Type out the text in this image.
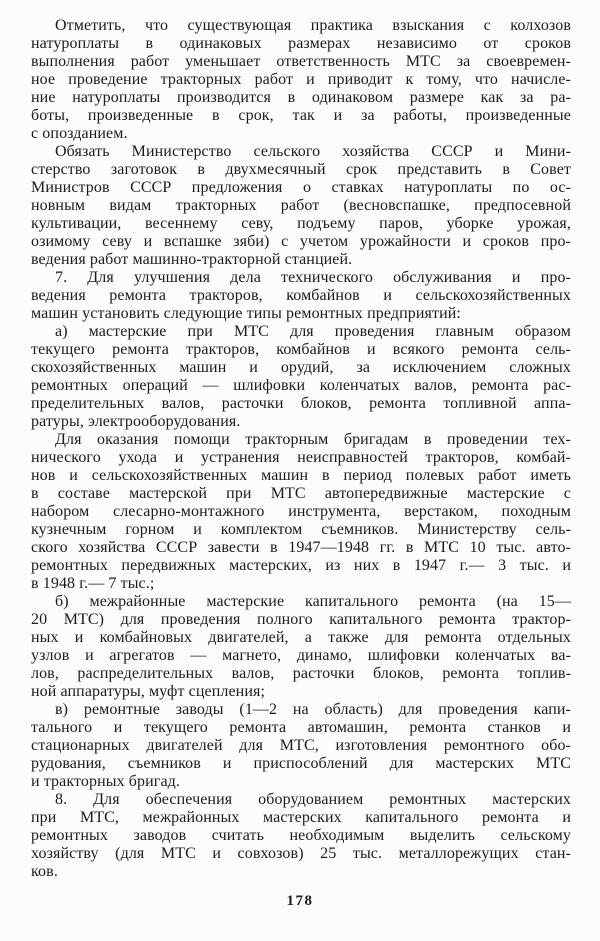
Отметить, что существующая практика взыскания с колхозов
натуроплаты в одинаковых размерах независимо от сроков
выполнения работ уменьшает ответственность МТС за своевремен-
ное проведение тракторных работ и приводит к тому, что начисле-
ние натуроплаты производится в одинаковом размере как за ра-
боты, произведенные в срок, так и за работы, произведенные
с опозданием.
Обязать Министерство сельского хозяйства СССР и Мини-
стерство заготовок в двухмесячный срок представить в Совет
Министров СССР предложения о ставках натуроплаты по ос-
новным видам тракторных работ (весновспашке, предпосевной
культивации, весеннему севу, подъему паров, уборке урожая,
озимому севу и вспашке зяби) с учетом урожайности и сроков про-
ведения работ машинно-тракторной станцией.
7. Для улучшения дела технического обслуживания и про-
ведения ремонта тракторов, комбайнов и сельскохозяйственных
машин установить следующие типы ремонтных предприятий:
а) мастерские при МТС для проведения главным образом
текущего ремонта тракторов, комбайнов и всякого ремонта сель-
скохозяйственных машин и орудий, за исключением сложных
ремонтных операций — шлифовки коленчатых валов, ремонта рас-
пределительных валов, расточки блоков, ремонта топливной аппа-
ратуры, электрооборудования.
Для оказания помощи тракторным бригадам в проведении тех-
нического ухода и устранения неисправностей тракторов, комбай-
нов и сельскохозяйственных машин в период полевых работ иметь
в составе мастерской при МТС автопередвижные мастерские с
набором слесарно-монтажного инструмента, верстаком, походным
кузнечным горном и комплектом съемников. Министерству сель-
ского хозяйства СССР завести в 1947—1948 гг. в МТС 10 тыс. авто-
ремонтных передвижных мастерских, из них в 1947 г.— 3 тыс. и
в 1948 г.— 7 тыс.;
б) межрайонные мастерские капитального ремонта (на 15—
20 МТС) для проведения полного капитального ремонта трактор-
ных и комбайновых двигателей, а также для ремонта отдельных
узлов и агрегатов — магнето, динамо, шлифовки коленчатых ва-
лов, распределительных валов, расточки блоков, ремонта топлив-
ной аппаратуры, муфт сцепления;
в) ремонтные заводы (1—2 на область) для проведения капи-
тального и текущего ремонта автомашин, ремонта станков и
стационарных двигателей для МТС, изготовления ремонтного обо-
рудования, съемников и приспособлений для мастерских МТС
и тракторных бригад.
8. Для обеспечения оборудованием ремонтных мастерских
при МТС, межрайонных мастерских капитального ремонта и
ремонтных заводов считать необходимым выделить сельскому
хозяйству (для МТС и совхозов) 25 тыс. металлорежущих стан-
ков.
178
